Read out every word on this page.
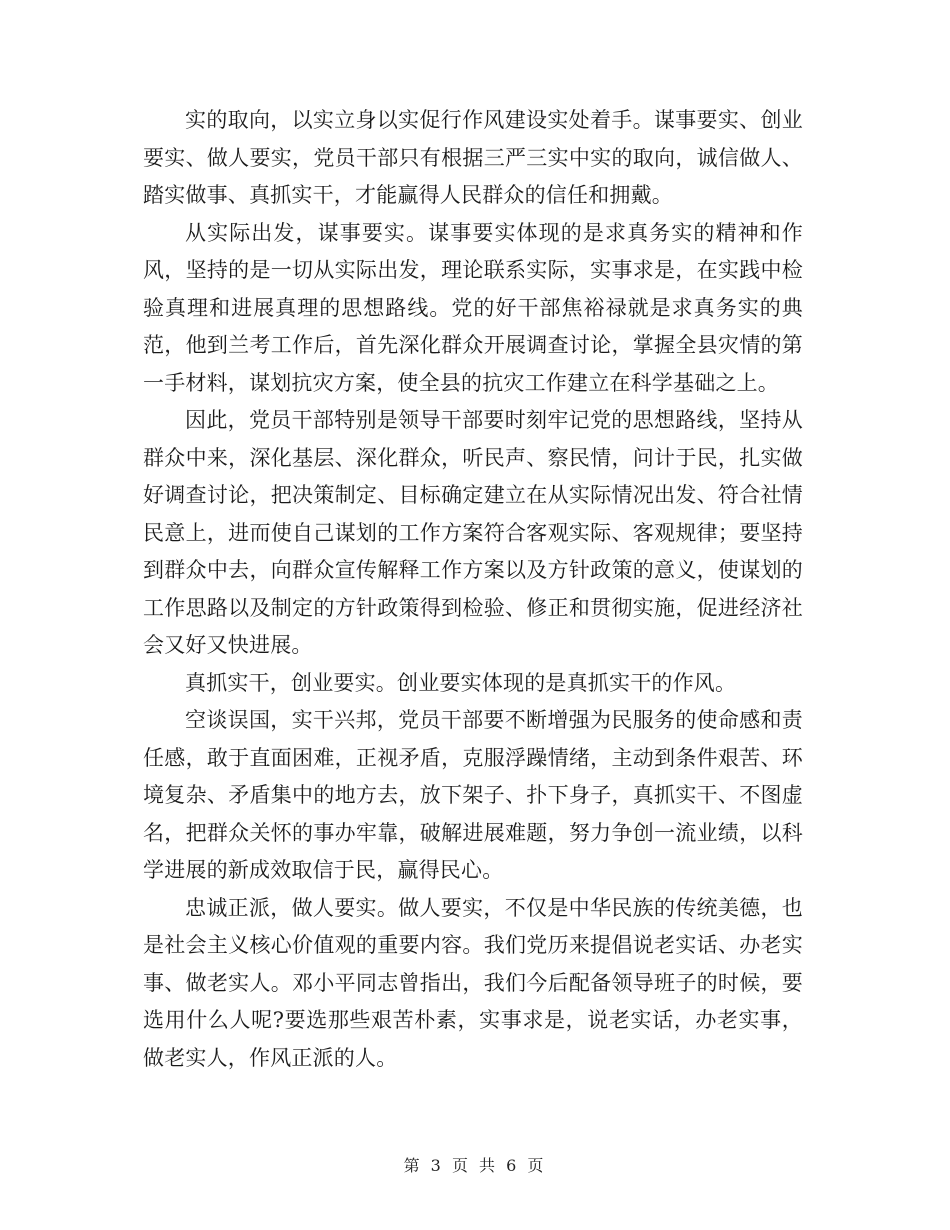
实的取向，以实立身以实促行作风建设实处着手。谋事要实、创业要实、做人要实，党员干部只有根据三严三实中实的取向，诚信做人、踏实做事、真抓实干，才能赢得人民群众的信任和拥戴。

从实际出发，谋事要实。谋事要实体现的是求真务实的精神和作风，坚持的是一切从实际出发，理论联系实际，实事求是，在实践中检验真理和进展真理的思想路线。党的好干部焦裕禄就是求真务实的典范，他到兰考工作后，首先深化群众开展调查讨论，掌握全县灾情的第一手材料，谋划抗灾方案，使全县的抗灾工作建立在科学基础之上。

因此，党员干部特别是领导干部要时刻牢记党的思想路线，坚持从群众中来，深化基层、深化群众，听民声、察民情，问计于民，扎实做好调查讨论，把决策制定、目标确定建立在从实际情况出发、符合社情民意上，进而使自己谋划的工作方案符合客观实际、客观规律；要坚持到群众中去，向群众宣传解释工作方案以及方针政策的意义，使谋划的工作思路以及制定的方针政策得到检验、修正和贯彻实施，促进经济社会又好又快进展。

真抓实干，创业要实。创业要实体现的是真抓实干的作风。

空谈误国，实干兴邦，党员干部要不断增强为民服务的使命感和责任感，敢于直面困难，正视矛盾，克服浮躁情绪，主动到条件艰苦、环境复杂、矛盾集中的地方去，放下架子、扑下身子，真抓实干、不图虚名，把群众关怀的事办牢靠，破解进展难题，努力争创一流业绩，以科学进展的新成效取信于民，赢得民心。

忠诚正派，做人要实。做人要实，不仅是中华民族的传统美德，也是社会主义核心价值观的重要内容。我们党历来提倡说老实话、办老实事、做老实人。邓小平同志曾指出，我们今后配备领导班子的时候，要选用什么人呢?要选那些艰苦朴素，实事求是，说老实话，办老实事，做老实人，作风正派的人。

第 3 页 共 6 页
